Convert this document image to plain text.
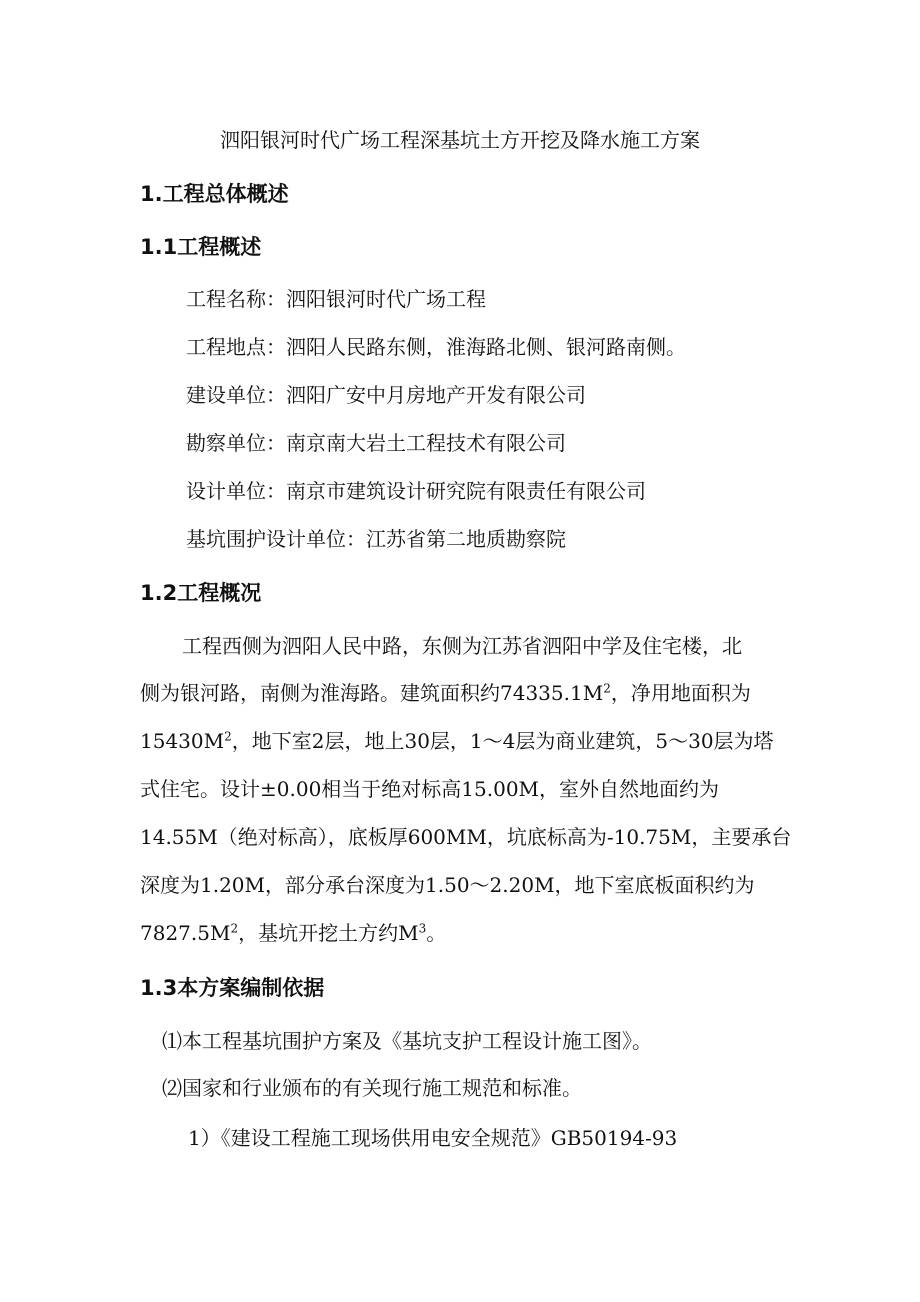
泗阳银河时代广场工程深基坑土方开挖及降水施工方案

1.工程总体概述

1.1工程概述

工程名称：泗阳银河时代广场工程

工程地点：泗阳人民路东侧，淮海路北侧、银河路南侧。

建设单位：泗阳广安中月房地产开发有限公司

勘察单位：南京南大岩土工程技术有限公司

设计单位：南京市建筑设计研究院有限责任有限公司

基坑围护设计单位：江苏省第二地质勘察院

1.2工程概况

工程西侧为泗阳人民中路，东侧为江苏省泗阳中学及住宅楼，北

侧为银河路，南侧为淮海路。建筑面积约$74335.1M^2$，净用地面积为

$15430M^2$，地下室2层，地上30层，1～4层为商业建筑，5～30层为塔

式住宅。设计±0.00相当于绝对标高15.00M，室外自然地面约为

14.55M（绝对标高），底板厚600MM，坑底标高为-10.75M，主要承台

深度为1.20M，部分承台深度为1.50～2.20M，地下室底板面积约为

$7827.5M^2$，基坑开挖土方约$M^3$。

1.3本方案编制依据

⑴本工程基坑围护方案及《基坑支护工程设计施工图》。

⑵国家和行业颁布的有关现行施工规范和标准。

1）《建设工程施工现场供用电安全规范》GB50194-93
